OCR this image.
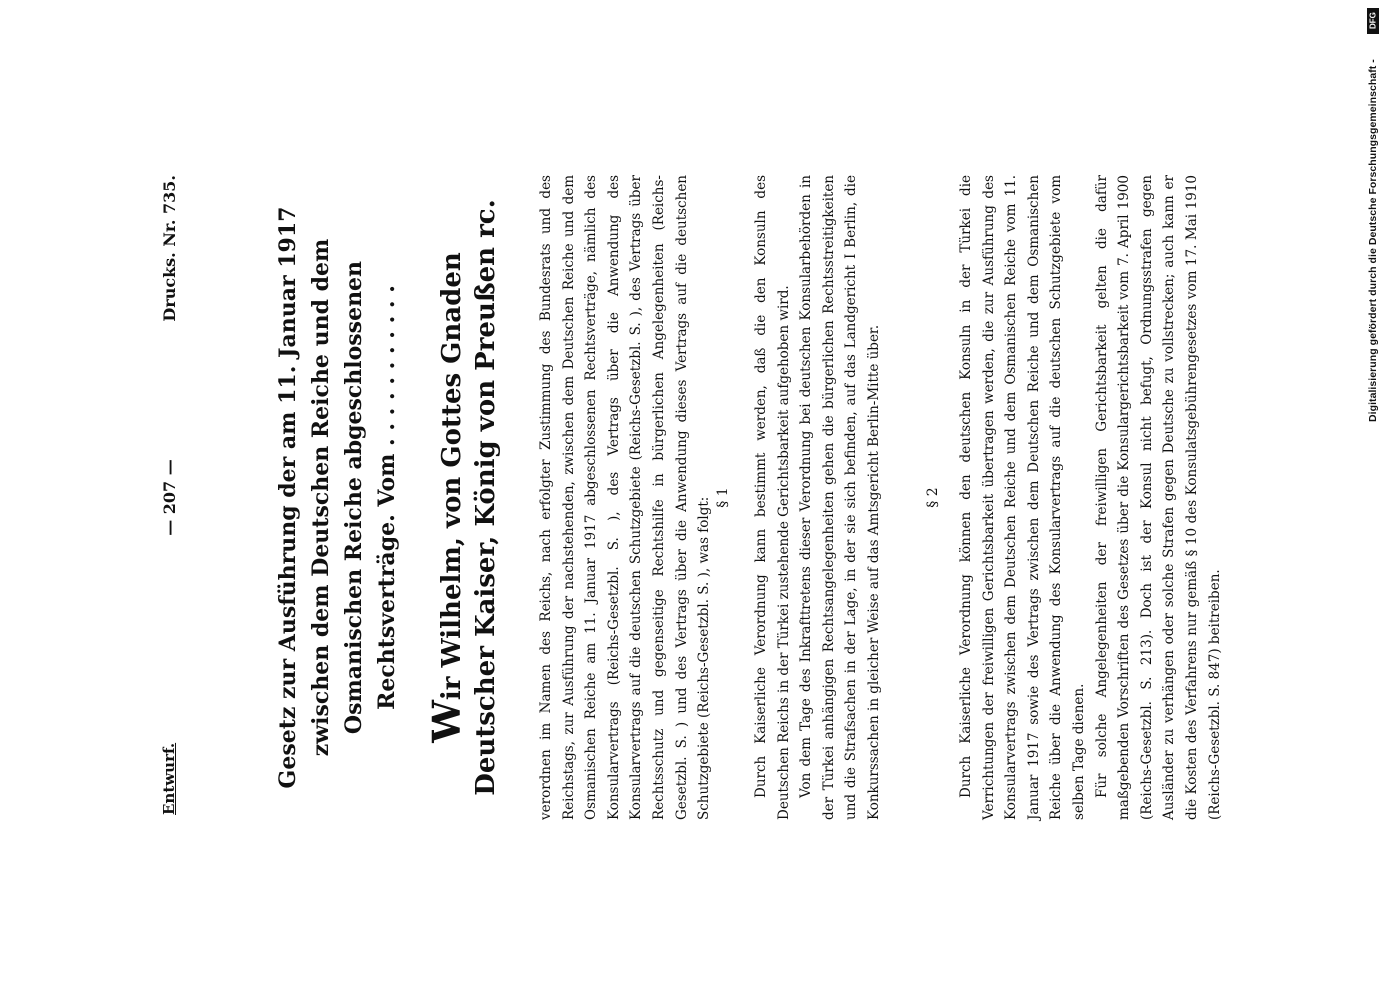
Entwurf.
— 207 —
Drucks. Nr. 735.	Gesetz zur Ausführung der am 11. Januar 1917 zwischen dem Deutschen Reiche und dem Osmanischen Reiche abgeschlossenen Rechtsverträge. Vom . . . . . . . . . . .
Wir Wilhelm, von Gottes Gnaden Deutscher Kaiser, König von Preußen rc.	verordnen im Namen des Reichs, nach erfolgter Zustimmung des Bundesrats und des Reichstags, zur Ausführung der nachstehenden, zwischen dem Deutschen Reiche und dem Osmanischen Reiche am 11. Januar 1917 abgeschlossenen Rechtsverträge, nämlich des Konsularvertrags (Reichs-Gesetzbl. S. ), des Vertrags über die Anwendung des Konsularvertrags auf die deutschen Schutzgebiete (Reichs-Gesetzbl. S. ), des Vertrags über Rechtsschutz und gegenseitige Rechtshilfe in bürgerlichen Angelegenheiten (Reichs-Gesetzbl. S. ) und des Vertrags über die Anwendung dieses Vertrags auf die deutschen Schutzgebiete (Reichs-Gesetzbl. S. ), was folgt: § 1 Durch Kaiserliche Verordnung kann bestimmt werden, daß die den Konsuln des Deutschen Reichs in der Türkei zustehende Gerichtsbarkeit aufgehoben wird. Von dem Tage des Inkrafttretens dieser Verordnung bei deutschen Konsularbehörden in der Türkei anhängigen Rechtsangelegenheiten gehen die bürgerlichen Rechtsstreitigkeiten und die Strafsachen in der Lage, in der sie sich befinden, auf das Landgericht I Berlin, die Konkurssachen in gleicher Weise auf das Amtsgericht Berlin-Mitte über.	§ 2 Durch Kaiserliche Verordnung können den deutschen Konsuln in der Türkei die Verrichtungen der freiwilligen Gerichtsbarkeit übertragen werden, die zur Ausführung des Konsularvertrags zwischen dem Deutschen Reiche und dem Osmanischen Reiche vom 11. Januar 1917 sowie des Vertrags zwischen dem Deutschen Reiche und dem Osmanischen Reiche über die Anwendung des Konsularvertrags auf die deutschen Schutzgebiete vom selben Tage dienen. Für solche Angelegenheiten der freiwilligen Gerichtsbarkeit gelten die dafür maßgebenden Vorschriften des Gesetzes über die Konsulargerichtsbarkeit vom 7. April 1900 (Reichs-Gesetzbl. S. 213). Doch ist der Konsul nicht befugt, Ordnungsstrafen gegen Ausländer zu verhängen oder solche Strafen gegen Deutsche zu vollstrecken; auch kann er die Kosten des Verfahrens nur gemäß § 10 des Konsulatsgebührengesetzes vom 17. Mai 1910 (Reichs-Gesetzbl. S. 847) beitreiben.

DFG
Digitalisierung gefördert durch die Deutsche Forschungsgemeinschaft -
